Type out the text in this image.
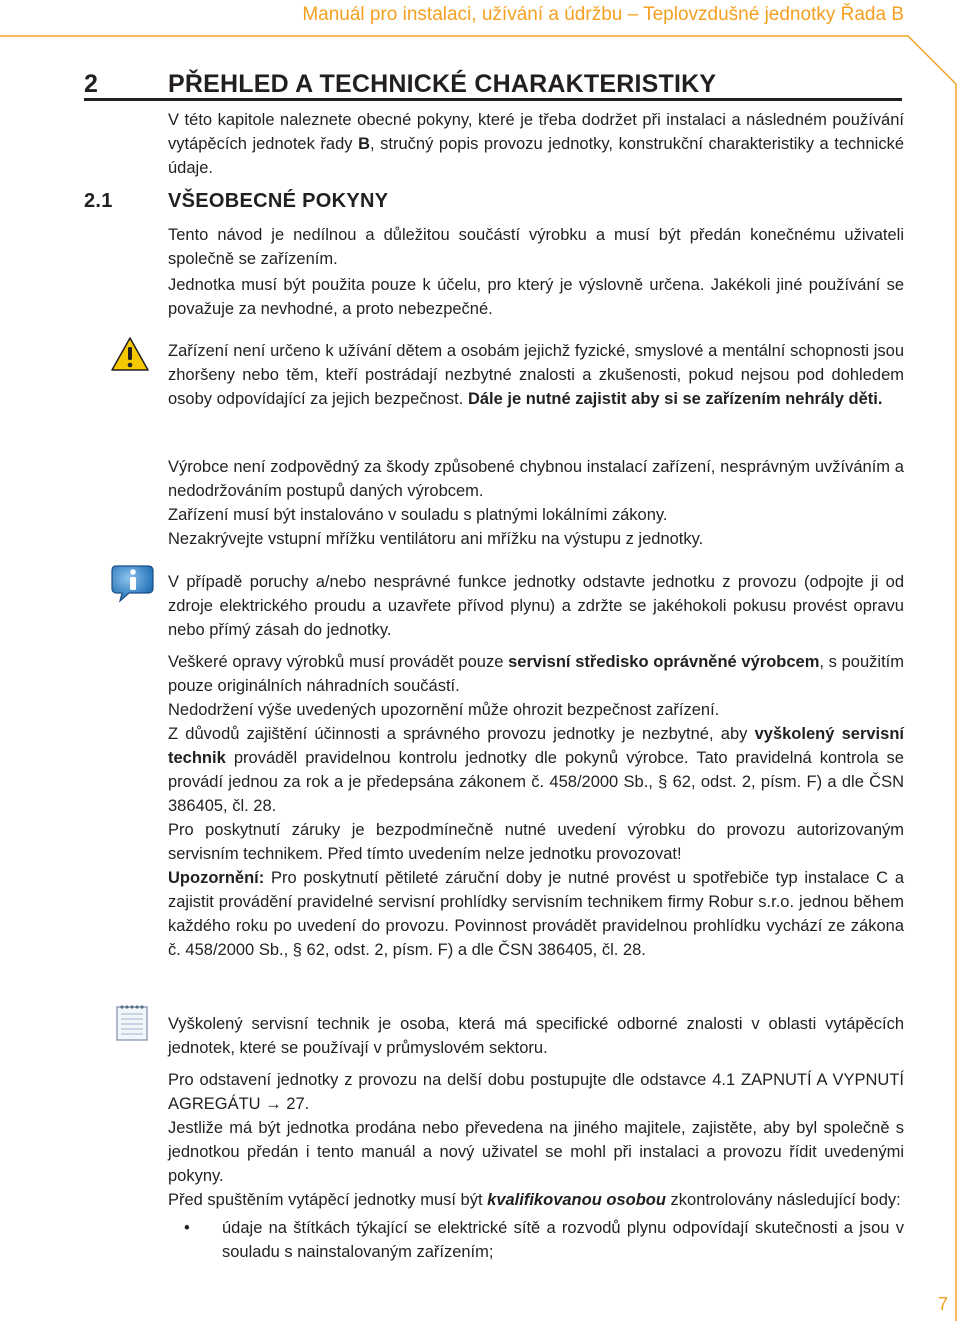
Manuál pro instalaci, užívání a údržbu – Teplovzdušné jednotky Řada B
2	PŘEHLED A TECHNICKÉ CHARAKTERISTIKY

V této kapitole naleznete obecné pokyny, které je třeba dodržet při instalaci a následném používání vytápěcích jednotek řady B, stručný popis provozu jednotky, konstrukční charakteristiky a technické údaje.

2.1	VŠEOBECNÉ POKYNY

Tento návod je nedílnou a důležitou součástí výrobku a musí být předán konečnému uživateli společně se zařízením.

Jednotka musí být použita pouze k účelu, pro který je výslovně určena. Jakékoli jiné používání se považuje za nevhodné, a proto nebezpečné.

Zařízení není určeno k užívání dětem a osobám jejichž fyzické, smyslové a mentální schopnosti jsou zhoršeny nebo těm, kteří postrádají nezbytné znalosti a zkušenosti, pokud nejsou pod dohledem osoby odpovídající za jejich bezpečnost. Dále je nutné zajistit aby si se zařízením nehrály děti.

Výrobce není zodpovědný za škody způsobené chybnou instalací zařízení, nesprávným uvžíváním a nedodržováním postupů daných výrobcem.

Zařízení musí být instalováno v souladu s platnými lokálními zákony.

Nezakrývejte vstupní mřížku ventilátoru ani mřížku na výstupu z jednotky.

V případě poruchy a/nebo nesprávné funkce jednotky odstavte jednotku z provozu (odpojte ji od zdroje elektrického proudu a uzavřete přívod plynu) a zdržte se jakéhokoli pokusu provést opravu nebo přímý zásah do jednotky.

Veškeré opravy výrobků musí provádět pouze servisní středisko oprávněné výrobcem, s použitím pouze originálních náhradních součástí.

Nedodržení výše uvedených upozornění může ohrozit bezpečnost zařízení.

Z důvodů zajištění účinnosti a správného provozu jednotky je nezbytné, aby vyškolený servisní technik prováděl pravidelnou kontrolu jednotky dle pokynů výrobce. Tato pravidelná kontrola se provádí jednou za rok a je předepsána zákonem č. 458/2000 Sb., § 62, odst. 2, písm. F) a dle ČSN 386405, čl. 28.

Pro poskytnutí záruky je bezpodmínečně nutné uvedení výrobku do provozu autorizovaným servisním technikem. Před tímto uvedením nelze jednotku provozovat!

Upozornění: Pro poskytnutí pětileté záruční doby je nutné provést u spotřebiče typ instalace C a zajistit provádění pravidelné servisní prohlídky servisním technikem firmy Robur s.r.o. jednou během každého roku po uvedení do provozu. Povinnost provádět pravidelnou prohlídku vychází ze zákona č. 458/2000 Sb., § 62, odst. 2, písm. F) a dle ČSN 386405, čl. 28.

Vyškolený servisní technik je osoba, která má specifické odborné znalosti v oblasti vytápěcích jednotek, které se používají v průmyslovém sektoru.

Pro odstavení jednotky z provozu na delší dobu postupujte dle odstavce 4.1 ZAPNUTÍ A VYPNUTÍ AGREGÁTU → 27.

Jestliže má být jednotka prodána nebo převedena na jiného majitele, zajistěte, aby byl společně s jednotkou předán i tento manuál a nový uživatel se mohl při instalaci a provozu řídit uvedenými pokyny.

Před spuštěním vytápěcí jednotky musí být kvalifikovanou osobou zkontrolovány následující body:

• údaje na štítkách týkající se elektrické sítě a rozvodů plynu odpovídají skutečnosti a jsou v souladu s nainstalovaným zařízením;
7
